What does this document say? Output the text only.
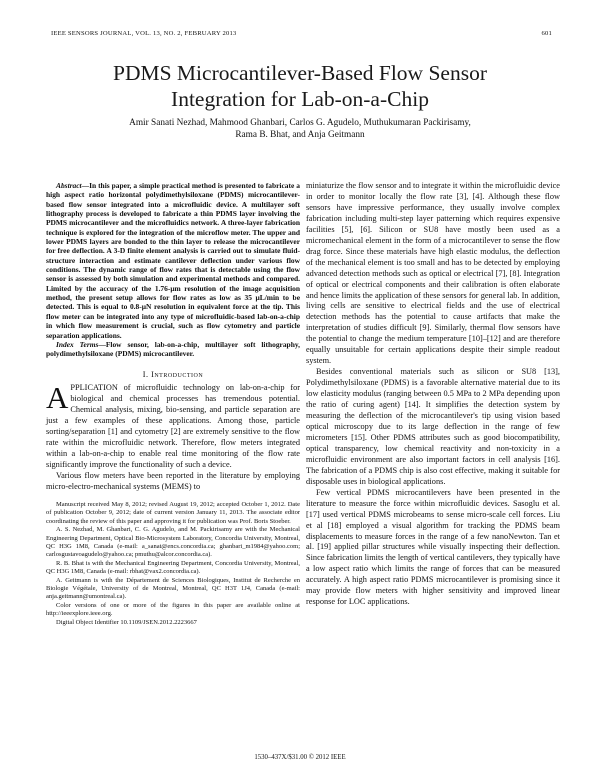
IEEE SENSORS JOURNAL, VOL. 13, NO. 2, FEBRUARY 2013	601
PDMS Microcantilever-Based Flow Sensor
Integration for Lab-on-a-Chip
Amir Sanati Nezhad, Mahmood Ghanbari, Carlos G. Agudelo, Muthukumaran Packirisamy,
Rama B. Bhat, and Anja Geitmann

Abstract—In this paper, a simple practical method is presented to fabricate a high aspect ratio horizontal polydimethylsiloxane (PDMS) microcantilever-based flow sensor integrated into a microfluidic device. A multilayer soft lithography process is developed to fabricate a thin PDMS layer involving the PDMS microcantilever and the microfluidics network. A three-layer fabrication technique is explored for the integration of the microflow meter. The upper and lower PDMS layers are bonded to the thin layer to release the microcantilever for free deflection. A 3-D finite element analysis is carried out to simulate fluid-structure interaction and estimate cantilever deflection under various flow conditions. The dynamic range of flow rates that is detectable using the flow sensor is assessed by both simulation and experimental methods and compared. Limited by the accuracy of the 1.76-μm resolution of the image acquisition method, the present setup allows for flow rates as low as 35 μL/min to be detected. This is equal to 0.8-μN resolution in equivalent force at the tip. This flow meter can be integrated into any type of microfluidic-based lab-on-a-chip in which flow measurement is crucial, such as flow cytometry and particle separation applications.

Index Terms—Flow sensor, lab-on-a-chip, multilayer soft lithography, polydimethylsiloxane (PDMS) microcantilever.

I. Introduction

APPLICATION of microfluidic technology on lab-on-a-chip for biological and chemical processes has tremendous potential. Chemical analysis, mixing, bio-sensing, and particle separation are just a few examples of these applications. Among those, particle sorting/separation [1] and cytometry [2] are extremely sensitive to the flow rate within the microfluidic network. Therefore, flow meters integrated within a lab-on-a-chip to enable real time monitoring of the flow rate significantly improve the functionality of such a device.

Various flow meters have been reported in the literature by employing micro-electro-mechanical systems (MEMS) to

Manuscript received May 8, 2012; revised August 19, 2012; accepted October 1, 2012. Date of publication October 9, 2012; date of current version January 11, 2013. The associate editor coordinating the review of this paper and approving it for publication was Prof. Boris Stoeber.

A. S. Nezhad, M. Ghanbari, C. G. Agudelo, and M. Packirisamy are with the Mechanical Engineering Department, Optical Bio-Microsystem Laboratory, Concordia University, Montreal, QC H3G 1M8, Canada (e-mail: a_sanat@encs.concordia.ca; ghanbari_m1984@yahoo.com; carlosgustavoagudelo@yahoo.ca; pmuthu@alcor.concordia.ca).

R. B. Bhat is with the Mechanical Engineering Department, Concordia University, Montreal, QC H3G 1M8, Canada (e-mail: rbhat@vax2.concordia.ca).

A. Geitmann is with the Département de Sciences Biologiques, Institut de Recherche en Biologie Végétale, University of de Montreal, Montreal, QC H3T 1J4, Canada (e-mail: anja.geitmann@umontreal.ca).

Color versions of one or more of the figures in this paper are available online at http://ieeexplore.ieee.org.

Digital Object Identifier 10.1109/JSEN.2012.2223667

miniaturize the flow sensor and to integrate it within the microfluidic device in order to monitor locally the flow rate [3], [4]. Although these flow sensors have impressive performance, they usually involve complex fabrication including multi-step layer patterning which requires expensive facilities [5], [6]. Silicon or SU8 have mostly been used as a micromechanical element in the form of a microcantilever to sense the flow drag force. Since these materials have high elastic modulus, the deflection of the mechanical element is too small and has to be detected by employing advanced detection methods such as optical or electrical [7], [8]. Integration of optical or electrical components and their calibration is often elaborate and hence limits the application of these sensors for general lab. In addition, living cells are sensitive to electrical fields and the use of electrical detection methods has the potential to cause artifacts that make the interpretation of studies difficult [9]. Similarly, thermal flow sensors have the potential to change the medium temperature [10]–[12] and are therefore equally unsuitable for certain applications despite their simple readout system.

Besides conventional materials such as silicon or SU8 [13], Polydimethylsiloxane (PDMS) is a favorable alternative material due to its low elasticity modulus (ranging between 0.5 MPa to 2 MPa depending upon the ratio of curing agent) [14]. It simplifies the detection system by measuring the deflection of the microcantilever's tip using vision based optical microscopy due to its large deflection in the range of few micrometers [15]. Other PDMS attributes such as good biocompatibility, optical transparency, low chemical reactivity and non-toxicity in a microfluidic environment are also important factors in cell analysis [16]. The fabrication of a PDMS chip is also cost effective, making it suitable for disposable uses in biological applications.

Few vertical PDMS microcantilevers have been presented in the literature to measure the force within microfluidic devices. Sasoglu et al. [17] used vertical PDMS microbeams to sense micro-scale cell forces. Liu et al [18] employed a visual algorithm for tracking the PDMS beam displacements to measure forces in the range of a few nanoNewton. Tan et al. [19] applied pillar structures while visually inspecting their deflection. Since fabrication limits the length of vertical cantilevers, they typically have a low aspect ratio which limits the range of forces that can be measured accurately. A high aspect ratio PDMS microcantilever is promising since it may provide flow meters with higher sensitivity and improved linear response for LOC applications.

1530–437X/$31.00 © 2012 IEEE
